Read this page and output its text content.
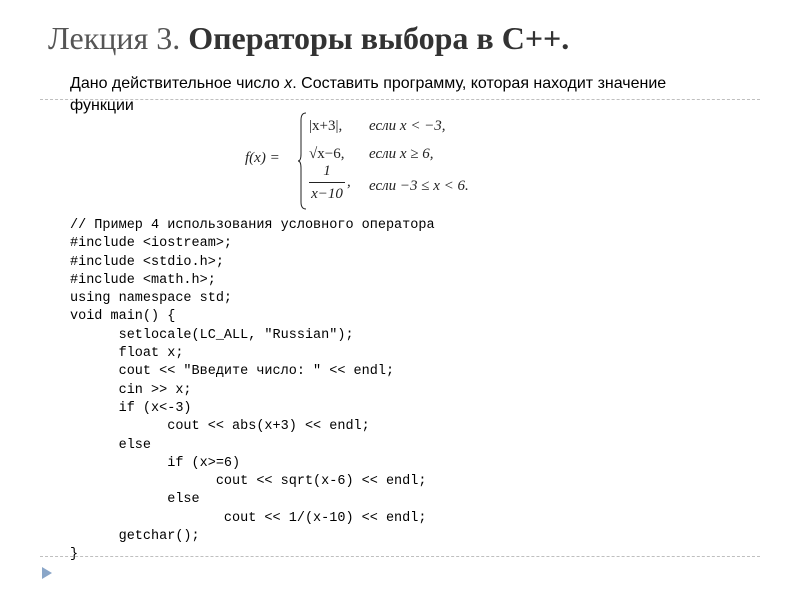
Лекция 3. Операторы выбора в С++.
Дано действительное число x. Составить программу, которая находит значение функции
f(x) =
|x+3|, если x < −3,
√x−6, если x ≥ 6,
1
x−10
, если −3 ≤ x < 6.
// Пример 4 использования условного оператора
#include <iostream>;
#include <stdio.h>;
#include <math.h>;
using namespace std;
void main() {
setlocale(LC_ALL, "Russian");
float x;
cout << "Введите число: " << endl;
cin >> x;
if (x<-3)
cout << abs(x+3) << endl;
else
if (x>=6)
cout << sqrt(x-6) << endl;
else
cout << 1/(x-10) << endl;
getchar();
}
